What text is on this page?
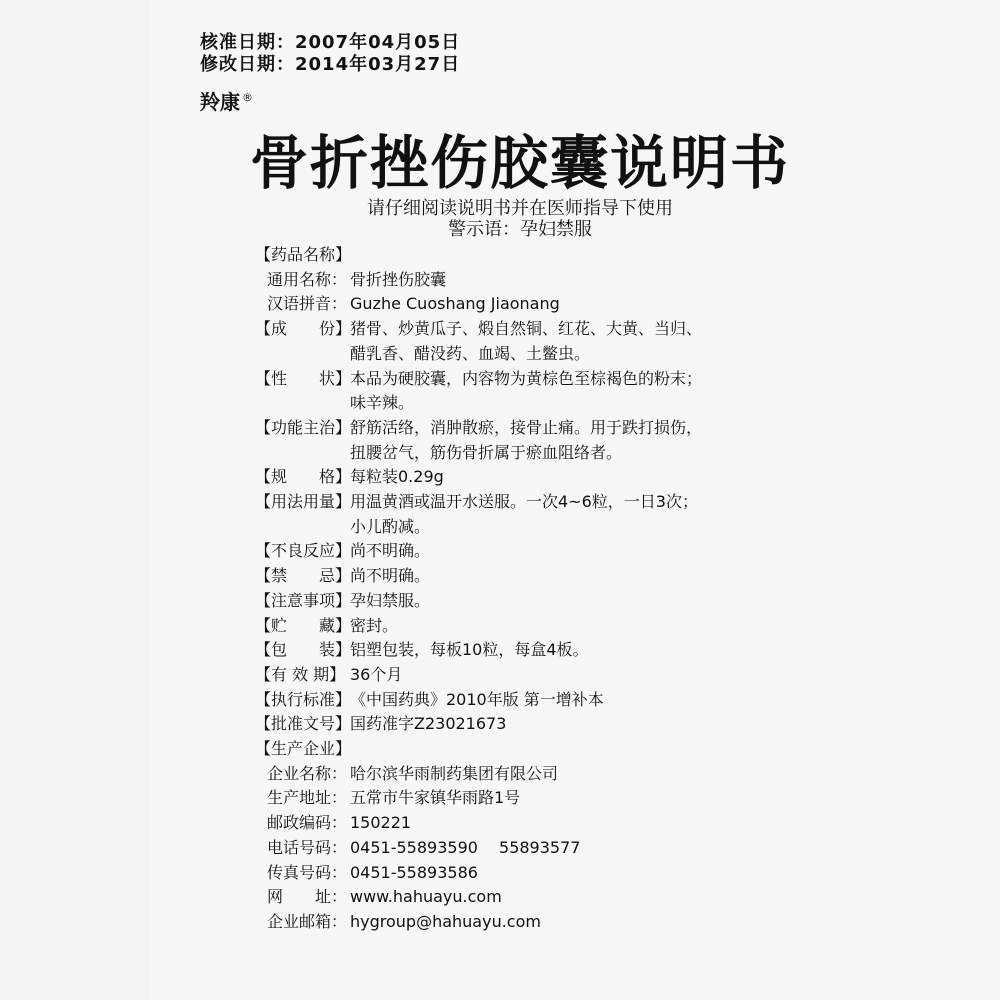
核准日期：2007年04月05日
修改日期：2014年03月27日
羚康 ®
骨折挫伤胶囊说明书
请仔细阅读说明书并在医师指导下使用
警示语：孕妇禁服
【药品名称】
通用名称： 骨折挫伤胶囊
汉语拼音： Guzhe Cuoshang Jiaonang
【成　　份】
猪骨、炒黄瓜子、煅自然铜、红花、大黄、当归、
醋乳香、醋没药、血竭、土鳖虫。
【性　　状】
本品为硬胶囊，内容物为黄棕色至棕褐色的粉末；
味辛辣。
【功能主治】
舒筋活络，消肿散瘀，接骨止痛。用于跌打损伤，
扭腰岔气，筋伤骨折属于瘀血阻络者。
【规　　格】
每粒装0.29g
【用法用量】
用温黄酒或温开水送服。一次4~6粒，一日3次；
小儿酌减。
【不良反应】
尚不明确。
【禁　　忌】
尚不明确。
【注意事项】
孕妇禁服。
【贮　　藏】
密封。
【包　　装】
铝塑包装，每板10粒，每盒4板。
【有 效 期】 36个月
【执行标准】
《中国药典》2010年版 第一增补本
【批准文号】
国药准字Z23021673
【生产企业】
企业名称： 哈尔滨华雨制药集团有限公司
生产地址： 五常市牛家镇华雨路1号
邮政编码： 150221
电话号码： 0451-55893590　 55893577
传真号码： 0451-55893586
网　　址： www.hahuayu.com
企业邮箱： hygroup@hahuayu.com
